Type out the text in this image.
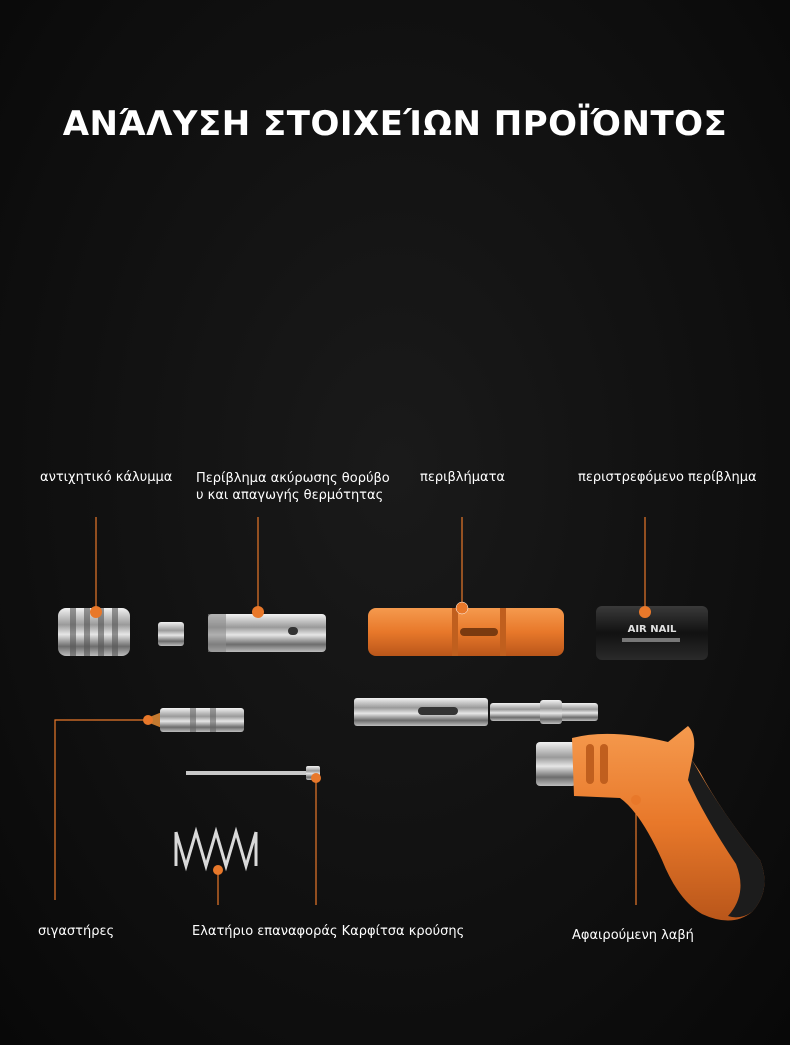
ΑΝΆΛΥΣΗ ΣΤΟΙΧΕΊΩΝ ΠΡΟΪΌΝΤΟΣ
αντιχητικό κάλυμμα Περίβλημα ακύρωσης θορύβο
υ και απαγωγής θερμότητας
περιβλήματα	περιστρεφόμενο περίβλημα
σιγαστήρες	Ελατήριο επαναφοράς Καρφίτσα κρούσης	Αφαιρούμενη λαβή
AIR NAIL
